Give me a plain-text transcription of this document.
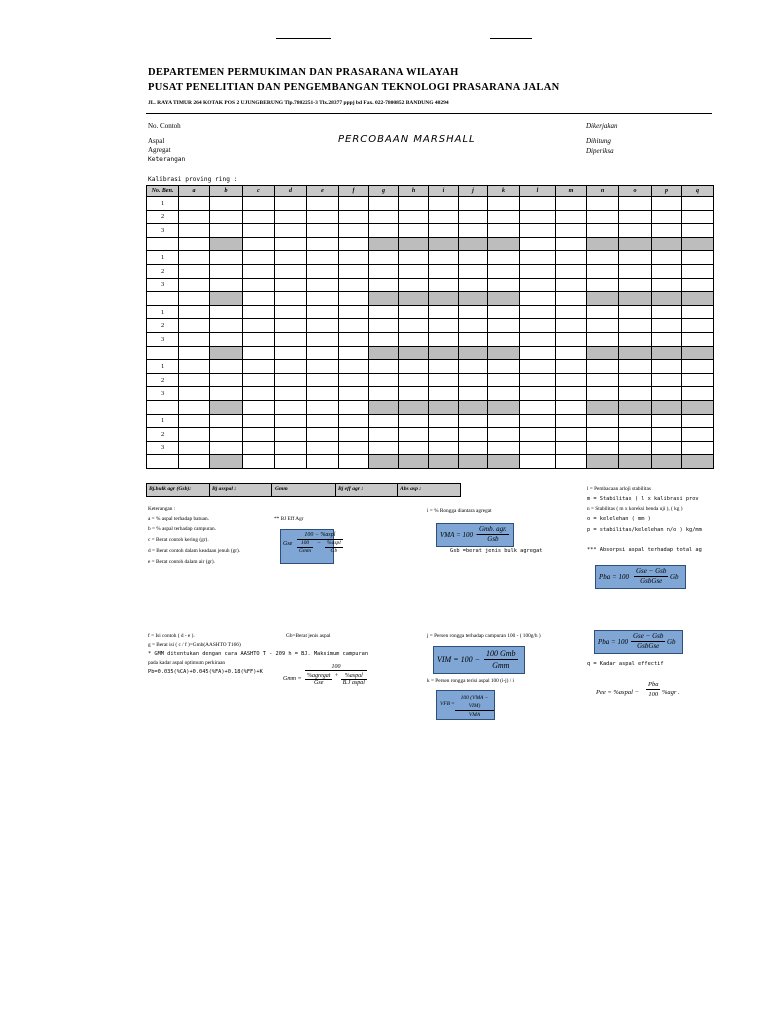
DEPARTEMEN PERMUKIMAN DAN PRASARANA WILAYAH
PUSAT PENELITIAN DAN PENGEMBANGAN TEKNOLOGI PRASARANA JALAN
JL. RAYA TIMUR 264 KOTAK POS 2 UJUNGBERUNG Tlp.7802251-3 Tlx.28377 pppj bd Fax. 022-7800852 BANDUNG 40294
No. Contoh
Aspal
Agregat
Keterangan
PERCOBAAN MARSHALL
Dikerjakan
Dihitung
Diperiksa
Kalibrasi proving ring :
No. Ben.	a	b	c	d	e	f	g	h	i	j	k	l	m	n	o	p	q
1																	
2																	
3																	

1																	
2																	
3																	

1																	
2																	
3																	

1																	
2																	
3																	

1																	
2																	
3																	

Bj.bulk agr (Gsb):	Bj asspal :	Gmm	Bj eff agr :	Abs asp :
Keterangan :
a = % aspal terhadap batuan.
b = % aspal terhadap campuran.
c = Berat contoh kering (gr).
d = Berat contoh dalam keadaan jenuh (gr).
e = Berat contoh dalam air (gr).
** BJ Eff Agr
Gse
100 − %aspl
$\frac{100}{\text{Gmm}} - \frac{\text{\%aspl}}{Gb}$
i = % Rongga diantara agregat
VMA = 100 −
Gmb. agr.
Gsb
Gsb =berat jenis bulk agregat
l = Pembacaan arloji stabilitas
m = Stabilitas ( l x kalibrasi prov
n = Stabilitas ( m x koreksi benda uji ), ( kg )
o = kelelehan ( mm )
p = stabilitas/kelelehan n/o ) kg/mm
*** Absorpsi aspal terhadap total ag
Pba = 100
Gse − Gsb
GsbGse	Gb
f = Isi contoh ( d - e ).
g = Berat isi ( c / f )=Gmb(AASHTO T166)
* GMM ditentukan dengan cara AASHTO T - 209 h = BJ. Maksimum campuran
pada kadar aspal optimum perkiraan
Pb=0.035(%CA)+0.045(%FA)+0.18(%FF)+K
Gb=Berat jenis aspal
Gmm =
100
$\frac{\text{\%agregat}}{\text{Gse}} + \frac{\text{\%aspal}}{\text{B.J aspal}}$
j = Persen rongga terhadap campuran 100 - ( 100g/h )
VIM = 100 −
100 Gmb
Gmm
k = Persen rongga terisi aspal 100 (i-j) / i
VFB =
100 (VMA − VIM)
VMA
Pba = 100
Gse − Gsb
GsbGse	Gb
q = Kadar aspal effectif
Pee = %aspal −
Pba
100 %agr .
